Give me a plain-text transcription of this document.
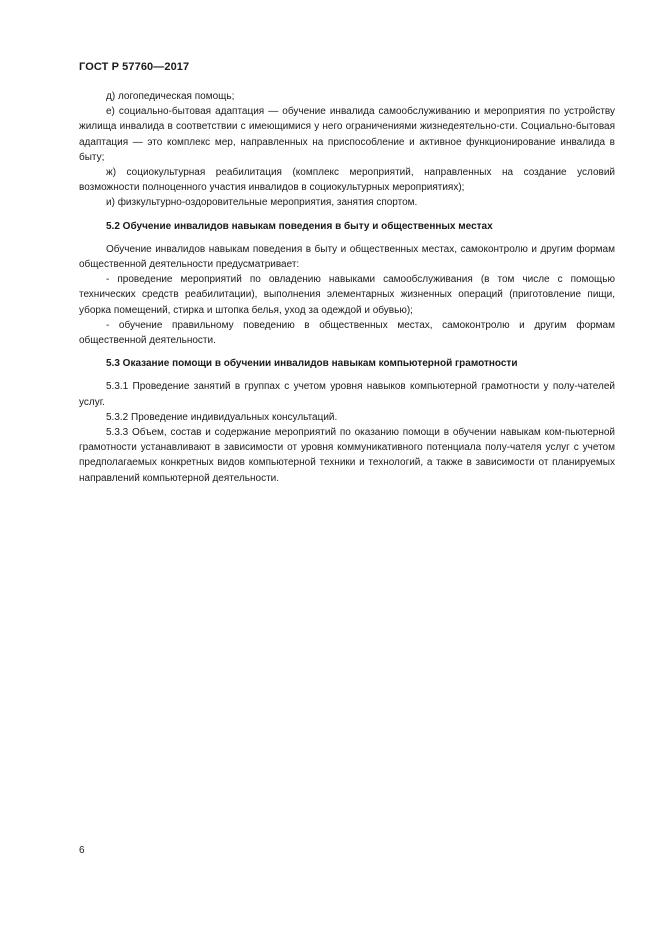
ГОСТ Р 57760—2017

д) логопедическая помощь;

е) социально-бытовая адаптация — обучение инвалида самообслуживанию и мероприятия по устройству жилища инвалида в соответствии с имеющимися у него ограничениями жизнедеятельно-сти. Социально-бытовая адаптация — это комплекс мер, направленных на приспособление и активное функционирование инвалида в быту;

ж) социокультурная реабилитация (комплекс мероприятий, направленных на создание условий возможности полноценного участия инвалидов в социокультурных мероприятиях);

и) физкультурно-оздоровительные мероприятия, занятия спортом.

5.2 Обучение инвалидов навыкам поведения в быту и общественных местах

Обучение инвалидов навыкам поведения в быту и общественных местах, самоконтролю и другим формам общественной деятельности предусматривает:

- проведение мероприятий по овладению навыками самообслуживания (в том числе с помощью технических средств реабилитации), выполнения элементарных жизненных операций (приготовление пищи, уборка помещений, стирка и штопка белья, уход за одеждой и обувью);

- обучение правильному поведению в общественных местах, самоконтролю и другим формам общественной деятельности.

5.3 Оказание помощи в обучении инвалидов навыкам компьютерной грамотности

5.3.1 Проведение занятий в группах с учетом уровня навыков компьютерной грамотности у полу-чателей услуг.

5.3.2 Проведение индивидуальных консультаций.

5.3.3 Объем, состав и содержание мероприятий по оказанию помощи в обучении навыкам ком-пьютерной грамотности устанавливают в зависимости от уровня коммуникативного потенциала полу-чателя услуг с учетом предполагаемых конкретных видов компьютерной техники и технологий, а также в зависимости от планируемых направлений компьютерной деятельности.

6
